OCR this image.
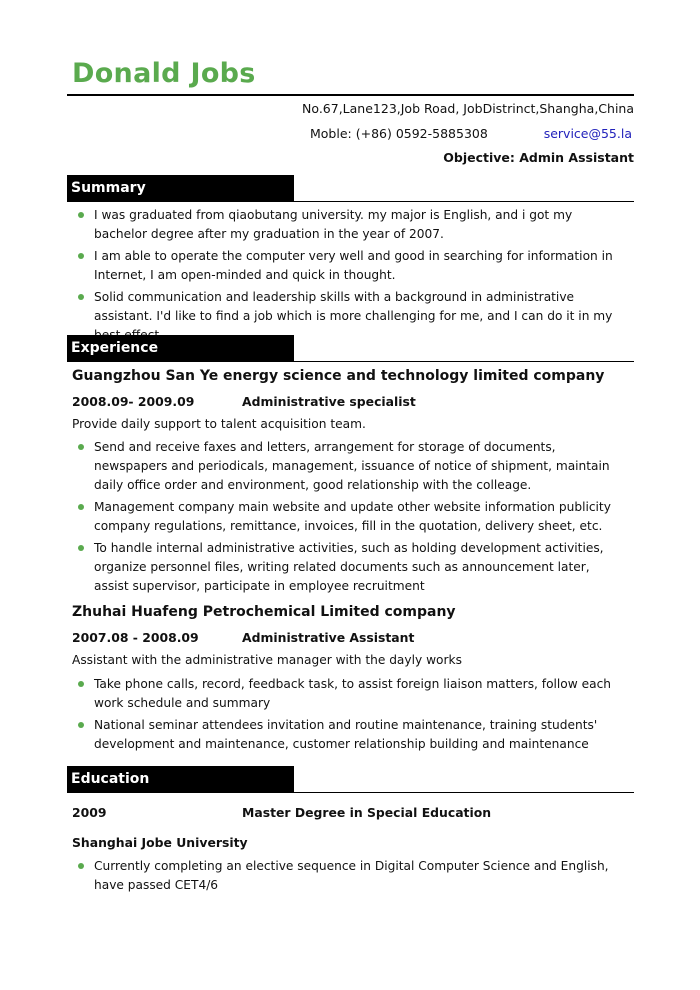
Donald Jobs
No.67,Lane123,Job Road, JobDistrinct,Shangha,China
Moble: (+86) 0592-5885308	service@55.la
Objective: Admin Assistant
Summary
I was graduated from qiaobutang university. my major is English, and i got my bachelor degree after my graduation in the year of 2007.
I am able to operate the computer very well and good in searching for information in Internet, I am open-minded and quick in thought.
Solid communication and leadership skills with a background in administrative assistant. I'd like to find a job which is more challenging for me, and I can do it in my
Experience
Guangzhou San Ye energy science and technology limited company
2008.09- 2009.09	Administrative specialist
Provide daily support to talent acquisition team.
Send and receive faxes and letters, arrangement for storage of documents, newspapers and periodicals, management, issuance of notice of shipment, maintain daily office order and environment, good relationship with the colleage.
Management company main website and update other website information publicity company regulations, remittance, invoices, fill in the quotation, delivery sheet, etc.
To handle internal administrative activities, such as holding development activities, organize personnel files, writing related documents such as announcement later, assist supervisor, participate in employee recruitment
Zhuhai Huafeng Petrochemical Limited company
2007.08 - 2008.09	Administrative Assistant
Assistant with the administrative manager with the dayly works
Take phone calls, record, feedback task, to assist foreign liaison matters, follow each work schedule and summary
National seminar attendees invitation and routine maintenance, training students' development and maintenance, customer relationship building and maintenance
Education
2009	Master Degree in Special Education
Shanghai Jobe University
Currently completing an elective sequence in Digital Computer Science and English, have passed CET4/6
